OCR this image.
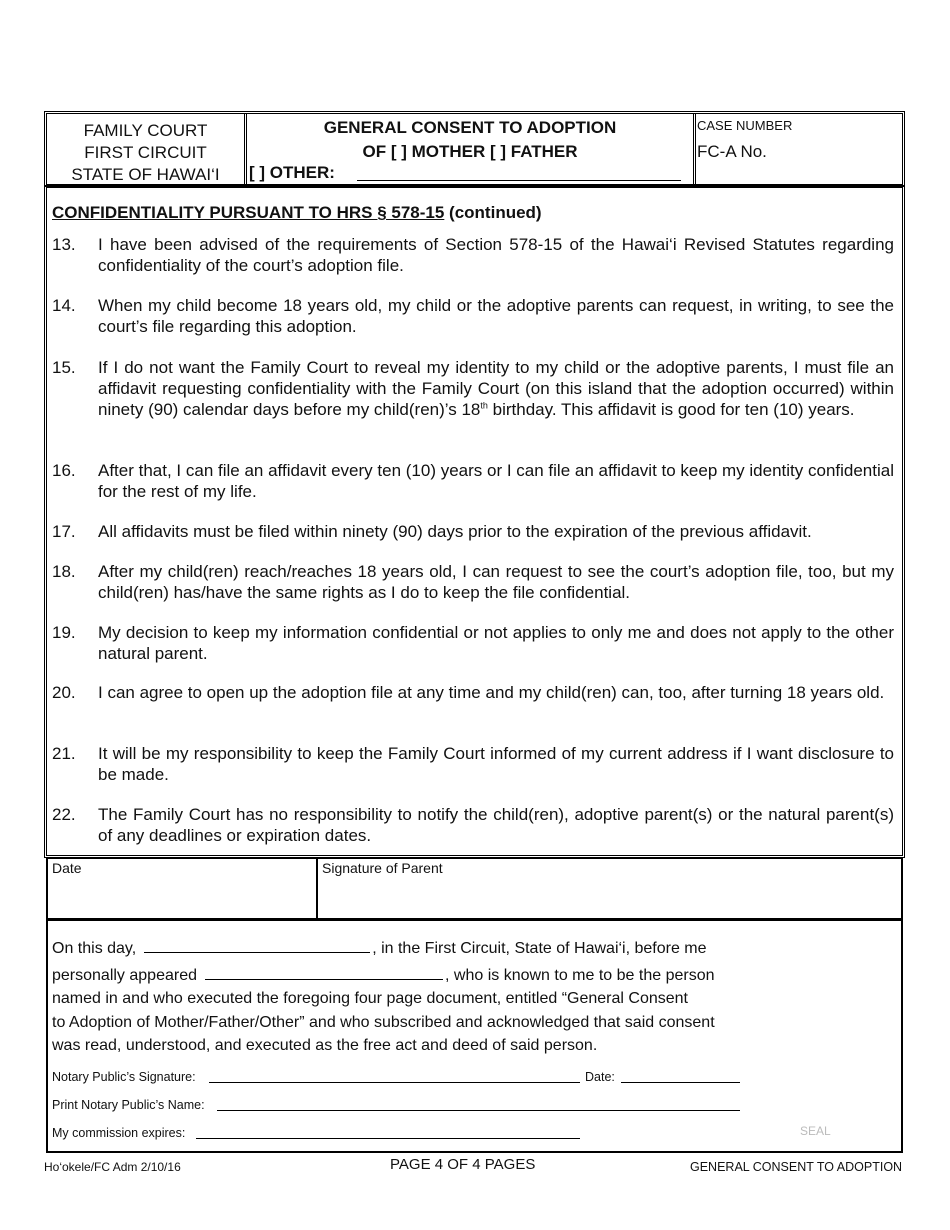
FAMILY COURT
FIRST CIRCUIT
STATE OF HAWAI‘I
GENERAL CONSENT TO ADOPTION
OF [ ] MOTHER [ ] FATHER
[ ] OTHER:
CASE NUMBER
FC-A No.
CONFIDENTIALITY PURSUANT TO HRS § 578-15 (continued)
13. I have been advised of the requirements of Section 578-15 of the Hawai‘i Revised Statutes regarding confidentiality of the court’s adoption file.
14. When my child become 18 years old, my child or the adoptive parents can request, in writing, to see the court’s file regarding this adoption.
15. If I do not want the Family Court to reveal my identity to my child or the adoptive parents, I must file an affidavit requesting confidentiality with the Family Court (on this island that the adoption occurred) within ninety (90) calendar days before my child(ren)’s 18th birthday. This affidavit is good for ten (10) years.
16. After that, I can file an affidavit every ten (10) years or I can file an affidavit to keep my identity confidential for the rest of my life.
17. All affidavits must be filed within ninety (90) days prior to the expiration of the previous affidavit.
18. After my child(ren) reach/reaches 18 years old, I can request to see the court’s adoption file, too, but my child(ren) has/have the same rights as I do to keep the file confidential.
19. My decision to keep my information confidential or not applies to only me and does not apply to the other natural parent.
20. I can agree to open up the adoption file at any time and my child(ren) can, too, after turning 18 years old.
21. It will be my responsibility to keep the Family Court informed of my current address if I want disclosure to be made.
22. The Family Court has no responsibility to notify the child(ren), adoptive parent(s) or the natural parent(s) of any deadlines or expiration dates.
Date	Signature of Parent
On this day,	, in the First Circuit, State of Hawai‘i, before me
personally appeared	, who is known to me to be the person
named in and who executed the foregoing four page document, entitled “General Consent
to Adoption of Mother/Father/Other” and who subscribed and acknowledged that said consent
was read, understood, and executed as the free act and deed of said person.
Notary Public’s Signature:	Date:
Print Notary Public’s Name:
My commission expires:	SEAL
Ho‘okele/FC Adm 2/10/16	PAGE 4 OF 4 PAGES	GENERAL CONSENT TO ADOPTION
